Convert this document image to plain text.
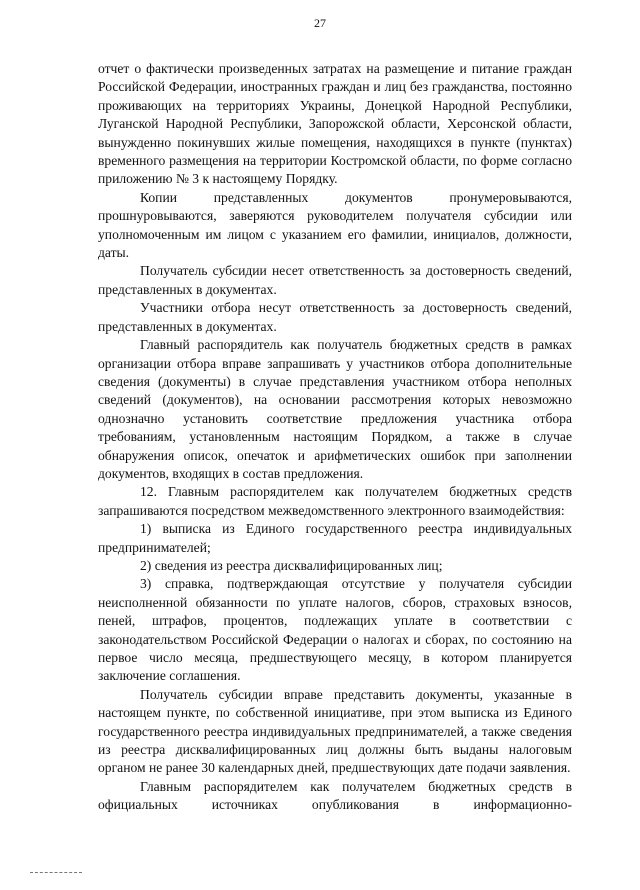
27

отчет о фактически произведенных затратах на размещение и питание граждан Российской Федерации, иностранных граждан и лиц без гражданства, постоянно проживающих на территориях Украины, Донецкой Народной Республики, Луганской Народной Республики, Запорожской области, Херсонской области, вынужденно покинувших жилые помещения, находящихся в пункте (пунктах) временного размещения на территории Костромской области, по форме согласно приложению № 3 к настоящему Порядку.

Копии представленных документов пронумеровываются, прошнуровываются, заверяются руководителем получателя субсидии или уполномоченным им лицом с указанием его фамилии, инициалов, должности, даты.

Получатель субсидии несет ответственность за достоверность сведений, представленных в документах.

Участники отбора несут ответственность за достоверность сведений, представленных в документах.

Главный распорядитель как получатель бюджетных средств в рамках организации отбора вправе запрашивать у участников отбора дополнительные сведения (документы) в случае представления участником отбора неполных сведений (документов), на основании рассмотрения которых невозможно однозначно установить соответствие предложения участника отбора требованиям, установленным настоящим Порядком, а также в случае обнаружения описок, опечаток и арифметических ошибок при заполнении документов, входящих в состав предложения.

12. Главным распорядителем как получателем бюджетных средств запрашиваются посредством межведомственного электронного взаимодействия:

1) выписка из Единого государственного реестра индивидуальных предпринимателей;

2) сведения из реестра дисквалифицированных лиц;

3) справка, подтверждающая отсутствие у получателя субсидии неисполненной обязанности по уплате налогов, сборов, страховых взносов, пеней, штрафов, процентов, подлежащих уплате в соответствии с законодательством Российской Федерации о налогах и сборах, по состоянию на первое число месяца, предшествующего месяцу, в котором планируется заключение соглашения.

Получатель субсидии вправе представить документы, указанные в настоящем пункте, по собственной инициативе, при этом выписка из Единого государственного реестра индивидуальных предпринимателей, а также сведения из реестра дисквалифицированных лиц должны быть выданы налоговым органом не ранее 30 календарных дней, предшествующих дате подачи заявления.

Главным распорядителем как получателем бюджетных средств в официальных источниках опубликования в информационно-
